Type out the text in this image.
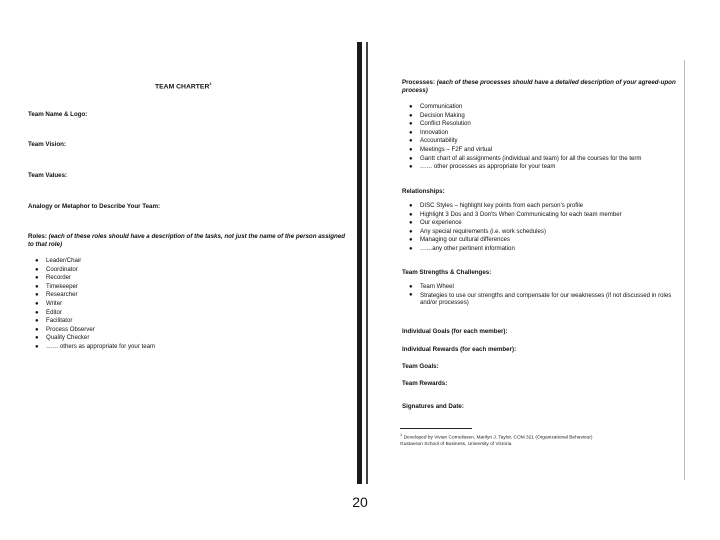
TEAM CHARTER$^1$
Team Name & Logo:
Team Vision:
Team Values:
Analogy or Metaphor to Describe Your Team:
Roles: (each of these roles should have a description of the tasks, not just the name of the person assigned to that role)
● Leader/Chair
● Coordinator
● Recorder
● Timekeeper
● Researcher
● Writer
● Editor
● Facilitator
● Process Observer
● Quality Checker
● …… others as appropriate for your team
Processes: (each of these processes should have a detailed description of your agreed-upon process)
● Communication
● Decision Making
● Conflict Resolution
● Innovation
● Accountability
● Meetings – F2F and virtual
● Gantt chart of all assignments (individual and team) for all the courses for the term
● …… other processes as appropriate for your team
Relationships:
● DISC Styles – highlight key points from each person's profile
● Highlight 3 Dos and 3 Don'ts When Communicating for each team member
● Our experience
● Any special requirements (i.e. work schedules)
● Managing our cultural differences
● ……any other pertinent information
Team Strengths & Challenges:
● Team Wheel
● Strategies to use our strengths and compensate for our weaknesses (if not discussed in roles and/or processes)
Individual Goals (for each member):
Individual Rewards (for each member):
Team Goals:
Team Rewards:
Signatures and Date:
$^1$ Developed by Vivian Cornelissen, Marilyn J. Taylor, COM 321 (Organizational Behaviour)
Gustavson School of Business, University of Victoria
20
